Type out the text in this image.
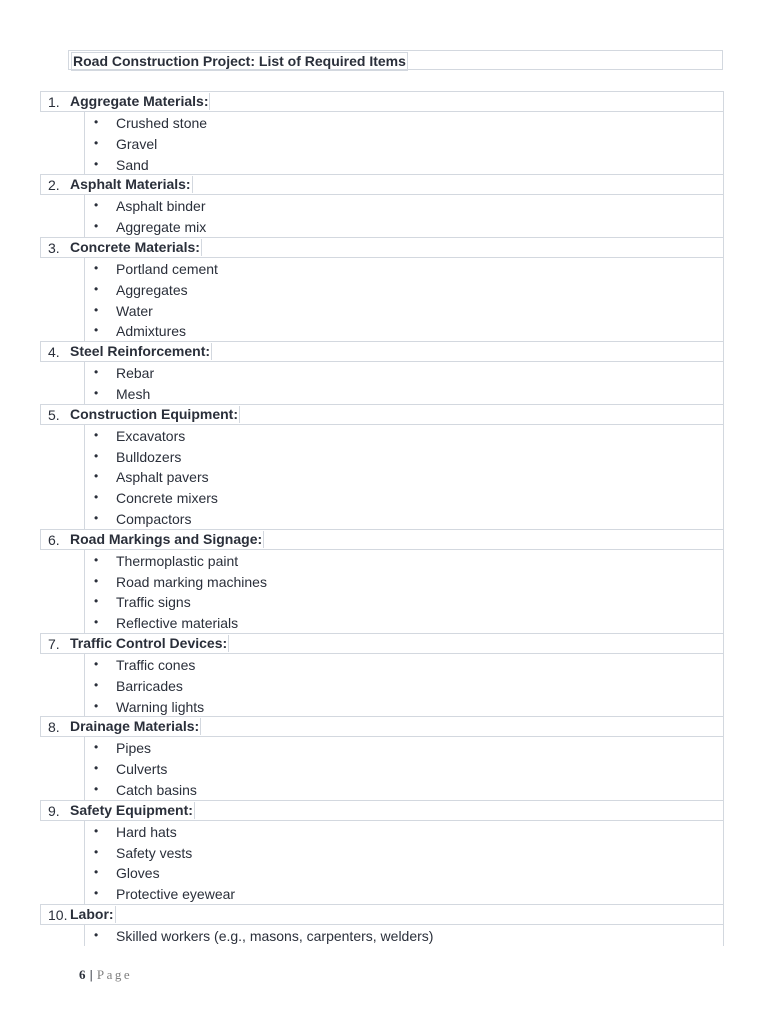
Road Construction Project: List of Required Items
1. Aggregate Materials:
• Crushed stone
• Gravel
• Sand
2. Asphalt Materials:
• Asphalt binder
• Aggregate mix
3. Concrete Materials:
• Portland cement
• Aggregates
• Water
• Admixtures
4. Steel Reinforcement:
• Rebar
• Mesh
5. Construction Equipment:
• Excavators
• Bulldozers
• Asphalt pavers
• Concrete mixers
• Compactors
6. Road Markings and Signage:
• Thermoplastic paint
• Road marking machines
• Traffic signs
• Reflective materials
7. Traffic Control Devices:
• Traffic cones
• Barricades
• Warning lights
8. Drainage Materials:
• Pipes
• Culverts
• Catch basins
9. Safety Equipment:
• Hard hats
• Safety vests
• Gloves
• Protective eyewear
10. Labor:
• Skilled workers (e.g., masons, carpenters, welders)
6 | Page
